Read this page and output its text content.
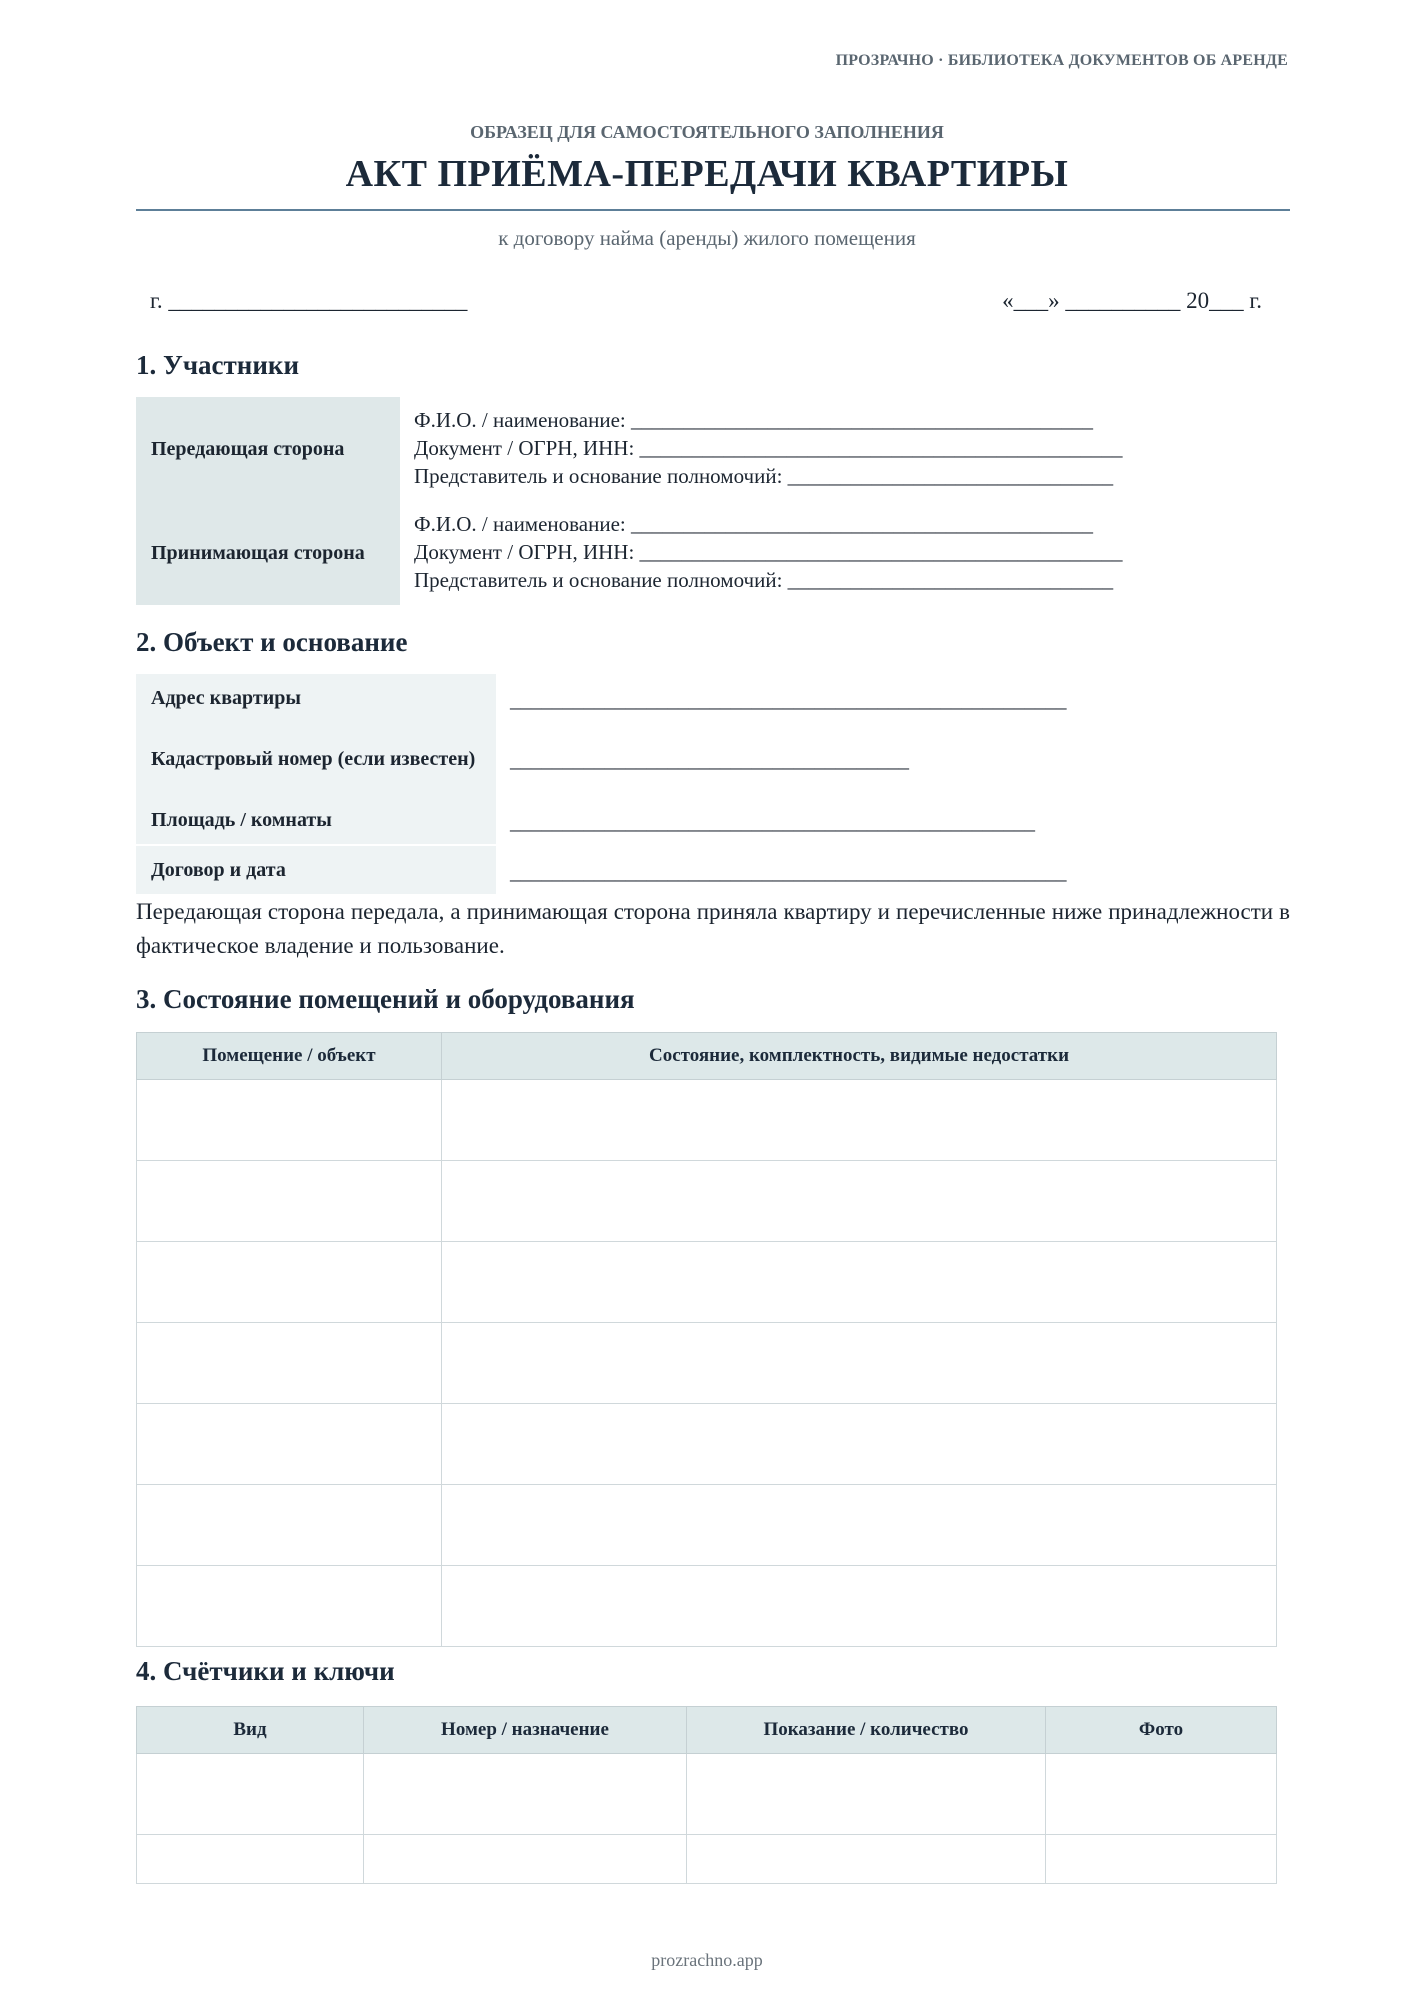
ПРОЗРАЧНО · БИБЛИОТЕКА ДОКУМЕНТОВ ОБ АРЕНДЕ
ОБРАЗЕЦ ДЛЯ САМОСТОЯТЕЛЬНОГО ЗАПОЛНЕНИЯ
АКТ ПРИЁМА-ПЕРЕДАЧИ КВАРТИРЫ
к договору найма (аренды) жилого помещения
г. __________________________	«___» __________ 20___ г.
1. Участники
Передающая сторона
Ф.И.О. / наименование: ____________________________________________
Документ / ОГРН, ИНН: ______________________________________________
Представитель и основание полномочий: _______________________________
Принимающая сторона
Ф.И.О. / наименование: ____________________________________________
Документ / ОГРН, ИНН: ______________________________________________
Представитель и основание полномочий: _______________________________
2. Объект и основание
Адрес квартиры	_____________________________________________________
Кадастровый номер (если известен)	______________________________________
Площадь / комнаты	__________________________________________________
Договор и дата	_____________________________________________________
Передающая сторона передала, а принимающая сторона приняла квартиру и перечисленные ниже принадлежности в фактическое владение и пользование.
3. Состояние помещений и оборудования
Помещение / объект	Состояние, комплектность, видимые недостатки

4. Счётчики и ключи
Вид	Номер / назначение	Показание / количество	Фото

prozrachno.app
